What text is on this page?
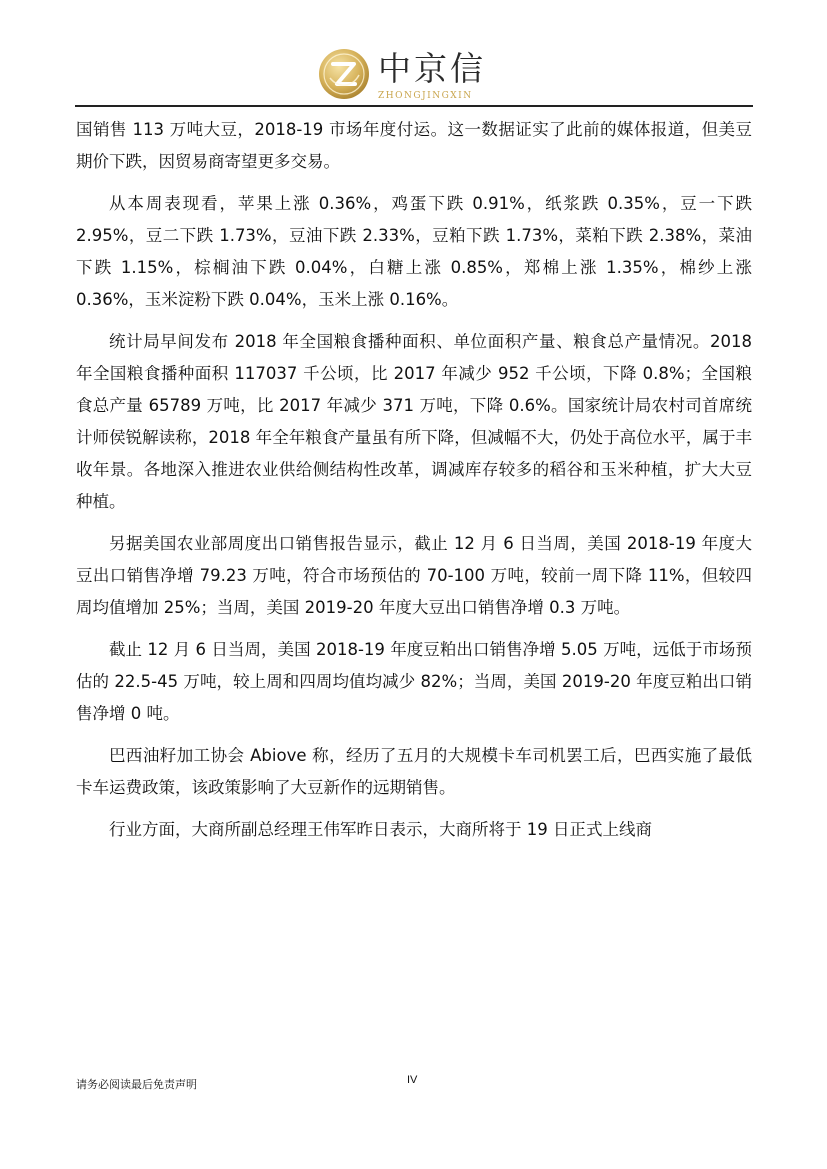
中京信
ZHONGJINGXIN

国销售 113 万吨大豆，2018-19 市场年度付运。这一数据证实了此前的媒体报道，但美豆期价下跌，因贸易商寄望更多交易。

从本周表现看，苹果上涨 0.36%，鸡蛋下跌 0.91%，纸浆跌 0.35%，豆一下跌 2.95%，豆二下跌 1.73%，豆油下跌 2.33%，豆粕下跌 1.73%，菜粕下跌 2.38%，菜油下跌 1.15%，棕榈油下跌 0.04%，白糖上涨 0.85%，郑棉上涨 1.35%，棉纱上涨 0.36%，玉米淀粉下跌 0.04%，玉米上涨 0.16%。

统计局早间发布 2018 年全国粮食播种面积、单位面积产量、粮食总产量情况。2018 年全国粮食播种面积 117037 千公顷，比 2017 年减少 952 千公顷，下降 0.8%；全国粮食总产量 65789 万吨，比 2017 年减少 371 万吨，下降 0.6%。国家统计局农村司首席统计师侯锐解读称，2018 年全年粮食产量虽有所下降，但减幅不大，仍处于高位水平，属于丰收年景。各地深入推进农业供给侧结构性改革，调减库存较多的稻谷和玉米种植，扩大大豆种植。

另据美国农业部周度出口销售报告显示，截止 12 月 6 日当周，美国 2018-19 年度大豆出口销售净增 79.23 万吨，符合市场预估的 70-100 万吨，较前一周下降 11%，但较四周均值增加 25%；当周，美国 2019-20 年度大豆出口销售净增 0.3 万吨。

截止 12 月 6 日当周，美国 2018-19 年度豆粕出口销售净增 5.05 万吨，远低于市场预估的 22.5-45 万吨，较上周和四周均值均减少 82%；当周，美国 2019-20 年度豆粕出口销售净增 0 吨。

巴西油籽加工协会 Abiove 称，经历了五月的大规模卡车司机罢工后，巴西实施了最低卡车运费政策，该政策影响了大豆新作的远期销售。

行业方面，大商所副总经理王伟军昨日表示，大商所将于 19 日正式上线商

请务必阅读最后免责声明	IV
